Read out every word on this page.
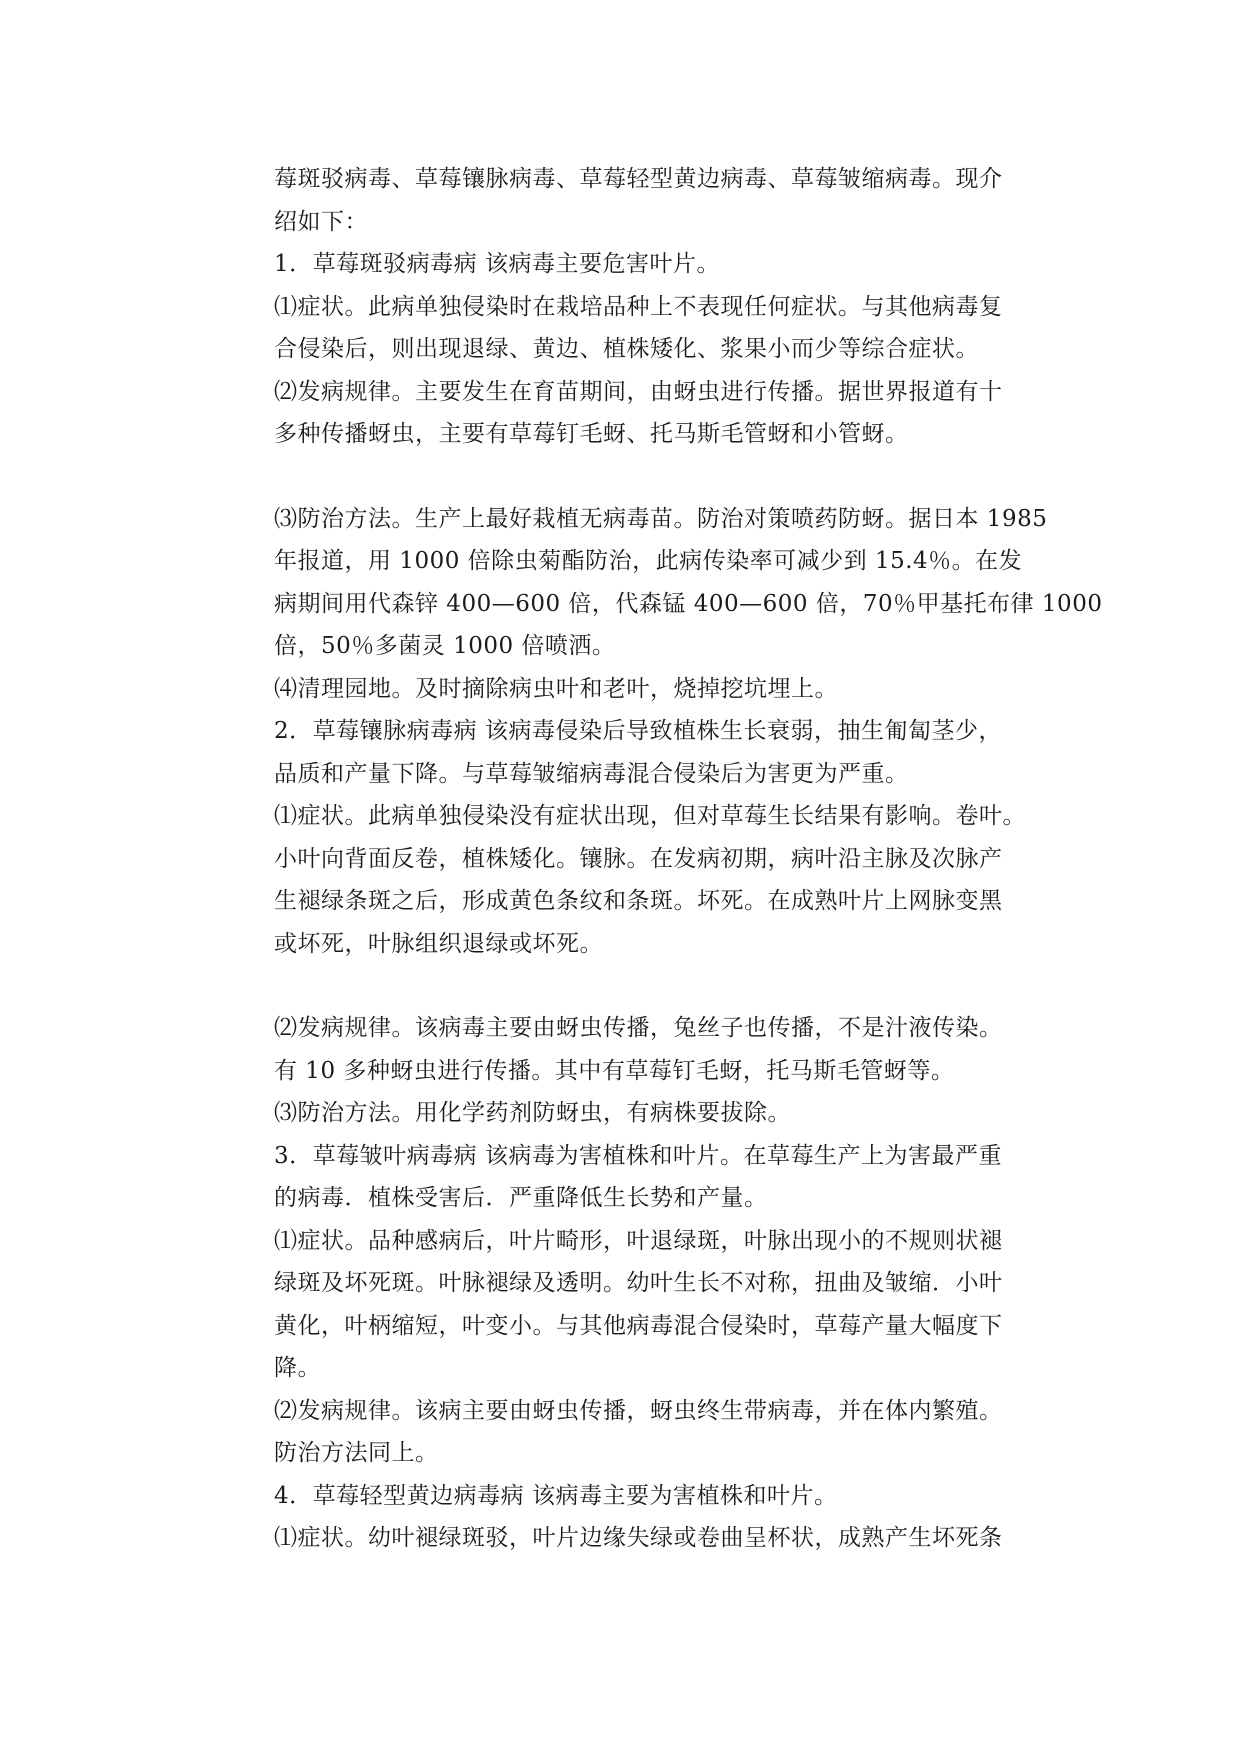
莓斑驳病毒、草莓镶脉病毒、草莓轻型黄边病毒、草莓皱缩病毒。现介
绍如下：
1．草莓斑驳病毒病 该病毒主要危害叶片。
⑴症状。此病单独侵染时在栽培品种上不表现任何症状。与其他病毒复
合侵染后，则出现退绿、黄边、植株矮化、浆果小而少等综合症状。
⑵发病规律。主要发生在育苗期间，由蚜虫进行传播。据世界报道有十
多种传播蚜虫，主要有草莓钉毛蚜、托马斯毛管蚜和小管蚜。
⑶防治方法。生产上最好栽植无病毒苗。防治对策喷药防蚜。据日本 1985
年报道，用 1000 倍除虫菊酯防治，此病传染率可减少到 15.4％。在发
病期间用代森锌 400—600 倍，代森锰 400—600 倍，70％甲基托布律 1000
倍，50％多菌灵 1000 倍喷洒。
⑷清理园地。及时摘除病虫叶和老叶，烧掉挖坑埋上。
2．草莓镶脉病毒病 该病毒侵染后导致植株生长衰弱，抽生匍匐茎少，
品质和产量下降。与草莓皱缩病毒混合侵染后为害更为严重。
⑴症状。此病单独侵染没有症状出现，但对草莓生长结果有影响。卷叶。
小叶向背面反卷，植株矮化。镶脉。在发病初期，病叶沿主脉及次脉产
生褪绿条斑之后，形成黄色条纹和条斑。坏死。在成熟叶片上网脉变黑
或坏死，叶脉组织退绿或坏死。
⑵发病规律。该病毒主要由蚜虫传播，兔丝子也传播，不是汁液传染。
有 10 多种蚜虫进行传播。其中有草莓钉毛蚜，托马斯毛管蚜等。
⑶防治方法。用化学药剂防蚜虫，有病株要拔除。
3．草莓皱叶病毒病 该病毒为害植株和叶片。在草莓生产上为害最严重
的病毒．植株受害后．严重降低生长势和产量。
⑴症状。品种感病后，叶片畸形，叶退绿斑，叶脉出现小的不规则状褪
绿斑及坏死斑。叶脉褪绿及透明。幼叶生长不对称，扭曲及皱缩．小叶
黄化，叶柄缩短，叶变小。与其他病毒混合侵染时，草莓产量大幅度下
降。
⑵发病规律。该病主要由蚜虫传播，蚜虫终生带病毒，并在体内繁殖。
防治方法同上。
4．草莓轻型黄边病毒病 该病毒主要为害植株和叶片。
⑴症状。幼叶褪绿斑驳，叶片边缘失绿或卷曲呈杯状，成熟产生坏死条
